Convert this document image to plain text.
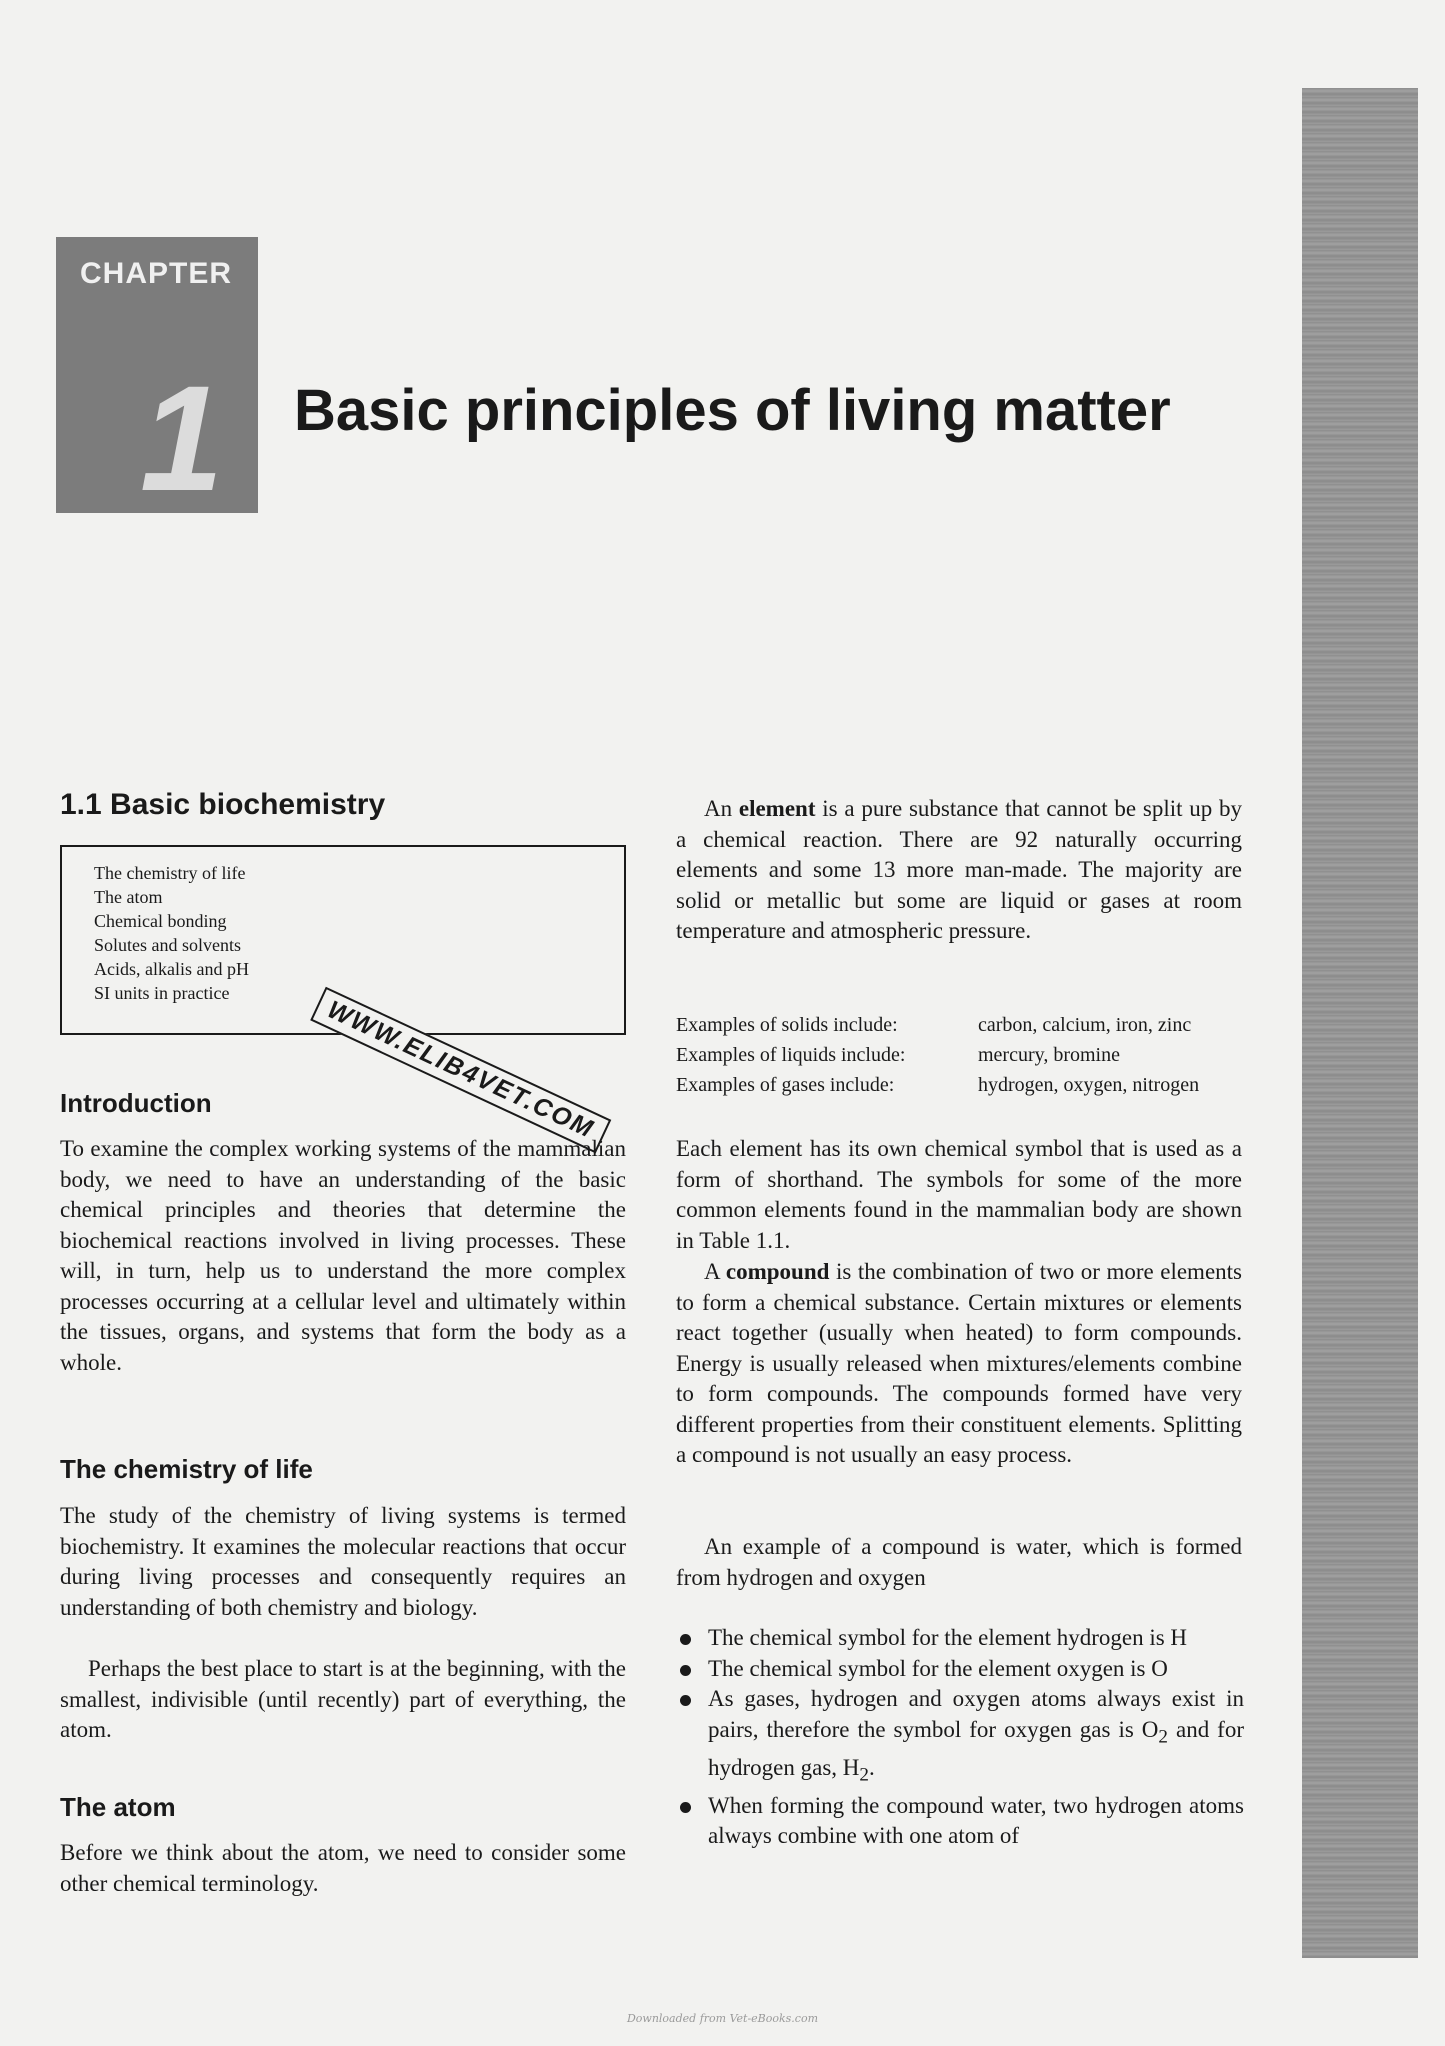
CHAPTER
1 Basic principles of living matter
1.1 Basic biochemistry
The chemistry of life
The atom
Chemical bonding
Solutes and solvents
Acids, alkalis and pH
SI units in practice
WWW.ELIB4VET.COM
Introduction

To examine the complex working systems of the mammalian body, we need to have an understanding of the basic chemical principles and theories that determine the biochemical reactions involved in living processes. These will, in turn, help us to understand the more complex processes occurring at a cellular level and ultimately within the tissues, organs, and systems that form the body as a whole.

The chemistry of life

The study of the chemistry of living systems is termed biochemistry. It examines the molecular reactions that occur during living processes and consequently requires an understanding of both chemistry and biology.

Perhaps the best place to start is at the beginning, with the smallest, indivisible (until recently) part of everything, the atom.

The atom

Before we think about the atom, we need to consider some other chemical terminology.

An element is a pure substance that cannot be split up by a chemical reaction. There are 92 naturally occurring elements and some 13 more man-made. The majority are solid or metallic but some are liquid or gases at room temperature and atmospheric pressure.

Examples of solids include:	carbon, calcium, iron, zinc
Examples of liquids include:	mercury, bromine
Examples of gases include:	hydrogen, oxygen, nitrogen

Each element has its own chemical symbol that is used as a form of shorthand. The symbols for some of the more common elements found in the mammalian body are shown in Table 1.1.

A compound is the combination of two or more elements to form a chemical substance. Certain mixtures or elements react together (usually when heated) to form compounds. Energy is usually released when mixtures/elements combine to form compounds. The compounds formed have very different properties from their constituent elements. Splitting a compound is not usually an easy process.

An example of a compound is water, which is formed from hydrogen and oxygen

The chemical symbol for the element hydrogen is H
The chemical symbol for the element oxygen is O
As gases, hydrogen and oxygen atoms always exist in pairs, therefore the symbol for oxygen gas is $O_2$ and for hydrogen gas, $H_2$.
When forming the compound water, two hydrogen atoms always combine with one atom of
Downloaded from Vet-eBooks.com
